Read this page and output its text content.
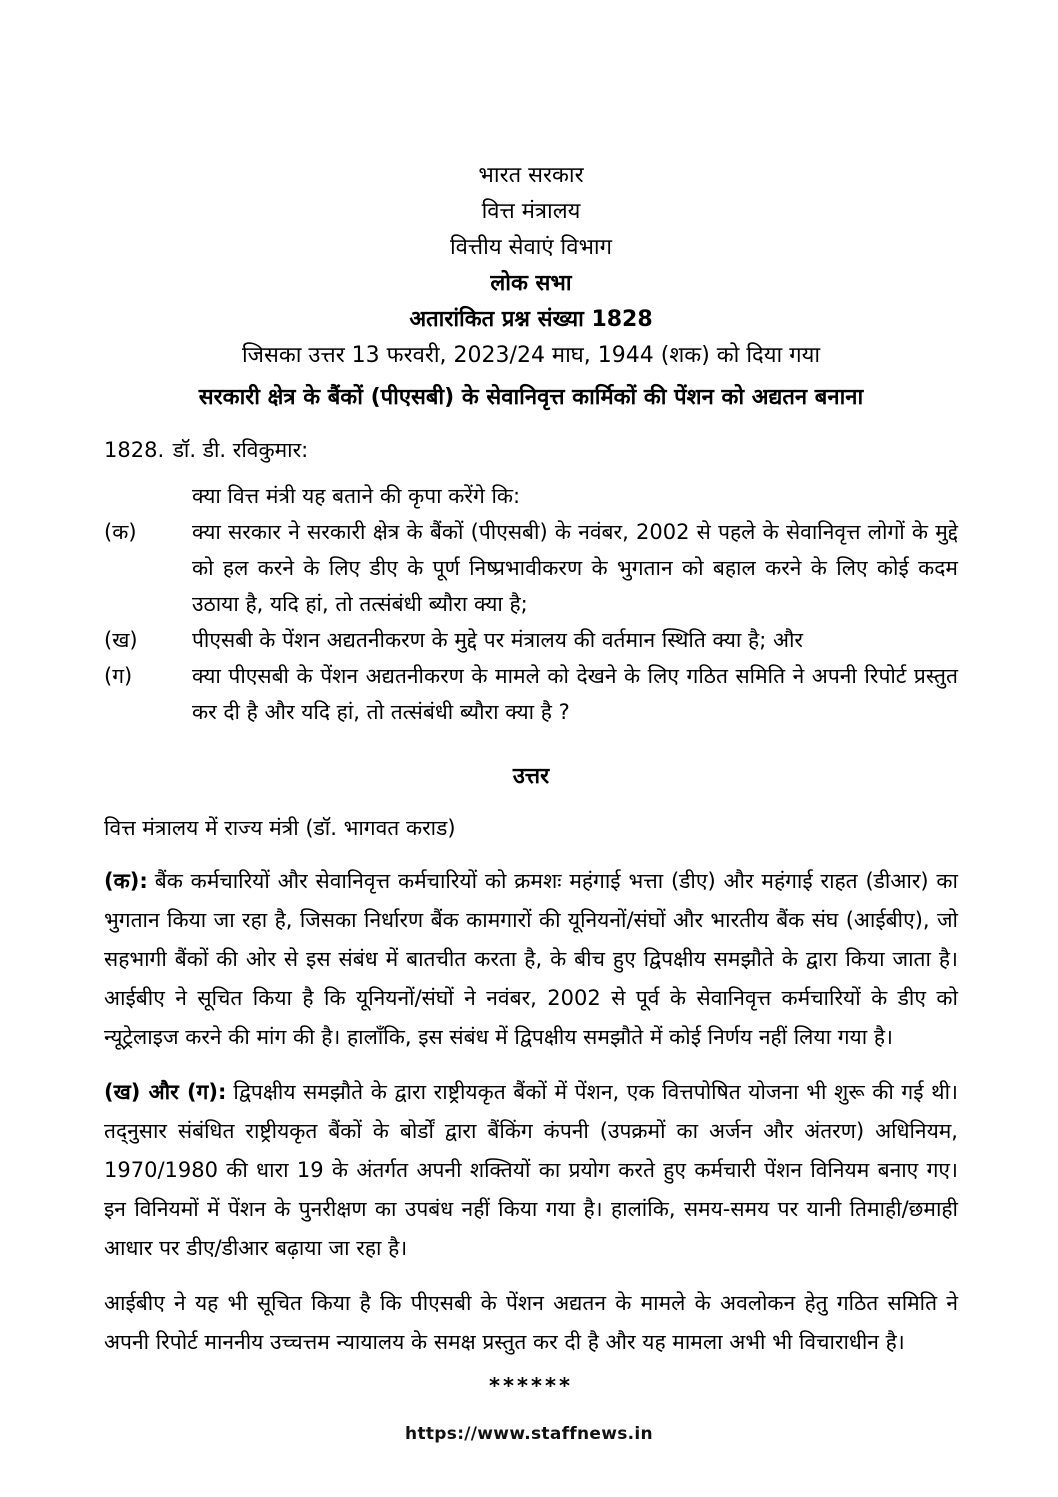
भारत सरकार
वित्त मंत्रालय
वित्तीय सेवाएं विभाग
लोक सभा
अतारांकित प्रश्न संख्या 1828
जिसका उत्तर 13 फरवरी, 2023/24 माघ, 1944 (शक) को दिया गया
सरकारी क्षेत्र के बैंकों (पीएसबी) के सेवानिवृत्त कार्मिकों की पेंशन को अद्यतन बनाना
1828. डॉ. डी. रविकुमार:
क्या वित्त मंत्री यह बताने की कृपा करेंगे कि:
(क)	क्या सरकार ने सरकारी क्षेत्र के बैंकों (पीएसबी) के नवंबर, 2002 से पहले के सेवानिवृत्त लोगों के मुद्दे को हल करने के लिए डीए के पूर्ण निष्प्रभावीकरण के भुगतान को बहाल करने के लिए कोई कदम उठाया है, यदि हां, तो तत्संबंधी ब्यौरा क्या है;
(ख)	पीएसबी के पेंशन अद्यतनीकरण के मुद्दे पर मंत्रालय की वर्तमान स्थिति क्या है; और
(ग)	क्या पीएसबी के पेंशन अद्यतनीकरण के मामले को देखने के लिए गठित समिति ने अपनी रिपोर्ट प्रस्तुत कर दी है और यदि हां, तो तत्संबंधी ब्यौरा क्या है ?
उत्तर
वित्त मंत्रालय में राज्य मंत्री (डॉ. भागवत कराड)
(क): बैंक कर्मचारियों और सेवानिवृत्त कर्मचारियों को क्रमशः महंगाई भत्ता (डीए) और महंगाई राहत (डीआर) का भुगतान किया जा रहा है, जिसका निर्धारण बैंक कामगारों की यूनियनों/संघों और भारतीय बैंक संघ (आईबीए), जो सहभागी बैंकों की ओर से इस संबंध में बातचीत करता है, के बीच हुए द्विपक्षीय समझौते के द्वारा किया जाता है। आईबीए ने सूचित किया है कि यूनियनों/संघों ने नवंबर, 2002 से पूर्व के सेवानिवृत्त कर्मचारियों के डीए को न्यूट्रेलाइज करने की मांग की है। हालाँकि, इस संबंध में द्विपक्षीय समझौते में कोई निर्णय नहीं लिया गया है।
(ख) और (ग): द्विपक्षीय समझौते के द्वारा राष्ट्रीयकृत बैंकों में पेंशन, एक वित्तपोषित योजना भी शुरू की गई थी। तद्नुसार संबंधित राष्ट्रीयकृत बैंकों के बोर्डों द्वारा बैंकिंग कंपनी (उपक्रमों का अर्जन और अंतरण) अधिनियम, 1970/1980 की धारा 19 के अंतर्गत अपनी शक्तियों का प्रयोग करते हुए कर्मचारी पेंशन विनियम बनाए गए। इन विनियमों में पेंशन के पुनरीक्षण का उपबंध नहीं किया गया है। हालांकि, समय-समय पर यानी तिमाही/छमाही आधार पर डीए/डीआर बढ़ाया जा रहा है।
आईबीए ने यह भी सूचित किया है कि पीएसबी के पेंशन अद्यतन के मामले के अवलोकन हेतु गठित समिति ने अपनी रिपोर्ट माननीय उच्चत्तम न्यायालय के समक्ष प्रस्तुत कर दी है और यह मामला अभी भी विचाराधीन है।
******
https://www.staffnews.in
